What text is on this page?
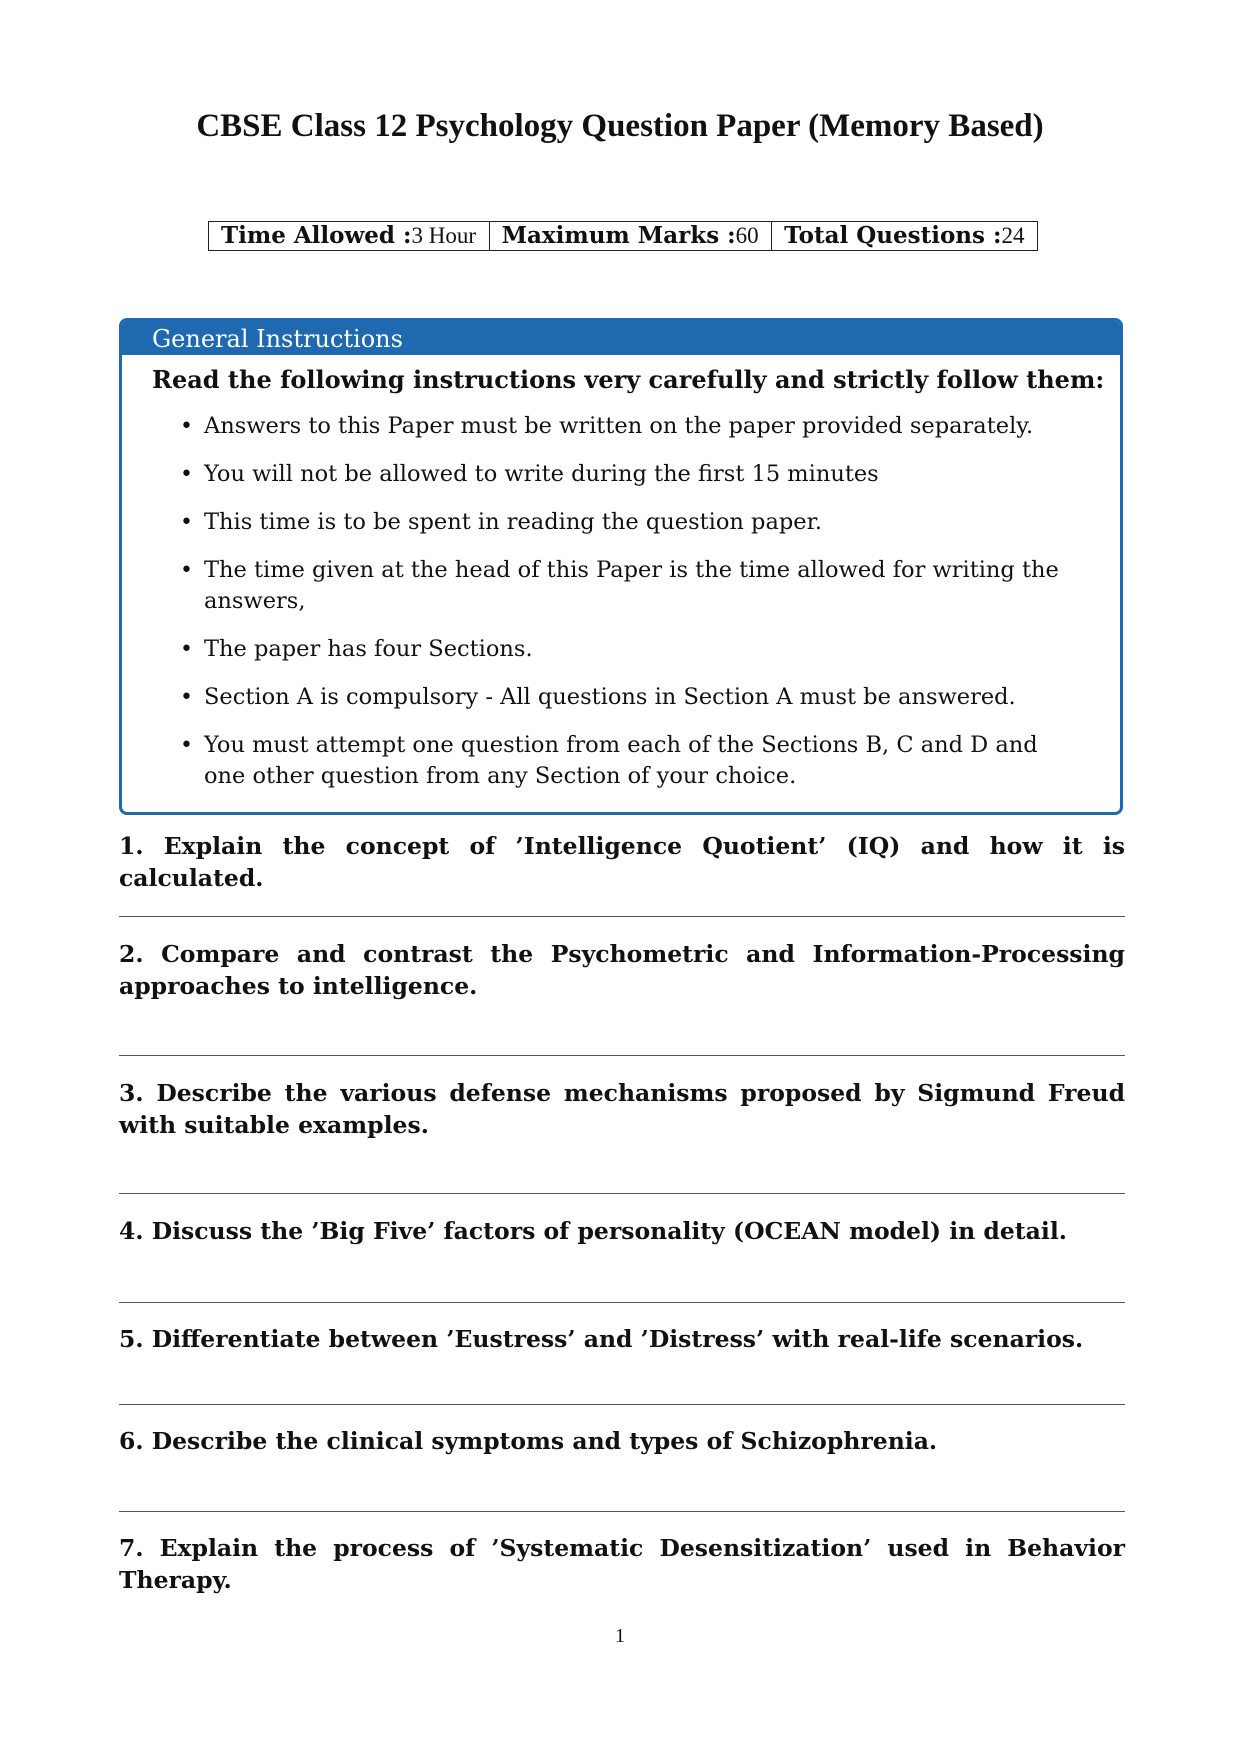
CBSE Class 12 Psychology Question Paper (Memory Based)
Time Allowed :3 Hour	Maximum Marks :60	Total Questions :24
General Instructions
Read the following instructions very carefully and strictly follow them:
• Answers to this Paper must be written on the paper provided separately.
• You will not be allowed to write during the first 15 minutes
• This time is to be spent in reading the question paper.
• The time given at the head of this Paper is the time allowed for writing the answers,
• The paper has four Sections.
• Section A is compulsory - All questions in Section A must be answered.
• You must attempt one question from each of the Sections B, C and D and one other question from any Section of your choice.

1. Explain the concept of ’Intelligence Quotient’ (IQ) and how it is calculated.

2. Compare and contrast the Psychometric and Information-Processing approaches to intelligence.

3. Describe the various defense mechanisms proposed by Sigmund Freud with suitable examples.

4. Discuss the ’Big Five’ factors of personality (OCEAN model) in detail.

5. Differentiate between ’Eustress’ and ’Distress’ with real-life scenarios.

6. Describe the clinical symptoms and types of Schizophrenia.

7. Explain the process of ’Systematic Desensitization’ used in Behavior Therapy.

1
